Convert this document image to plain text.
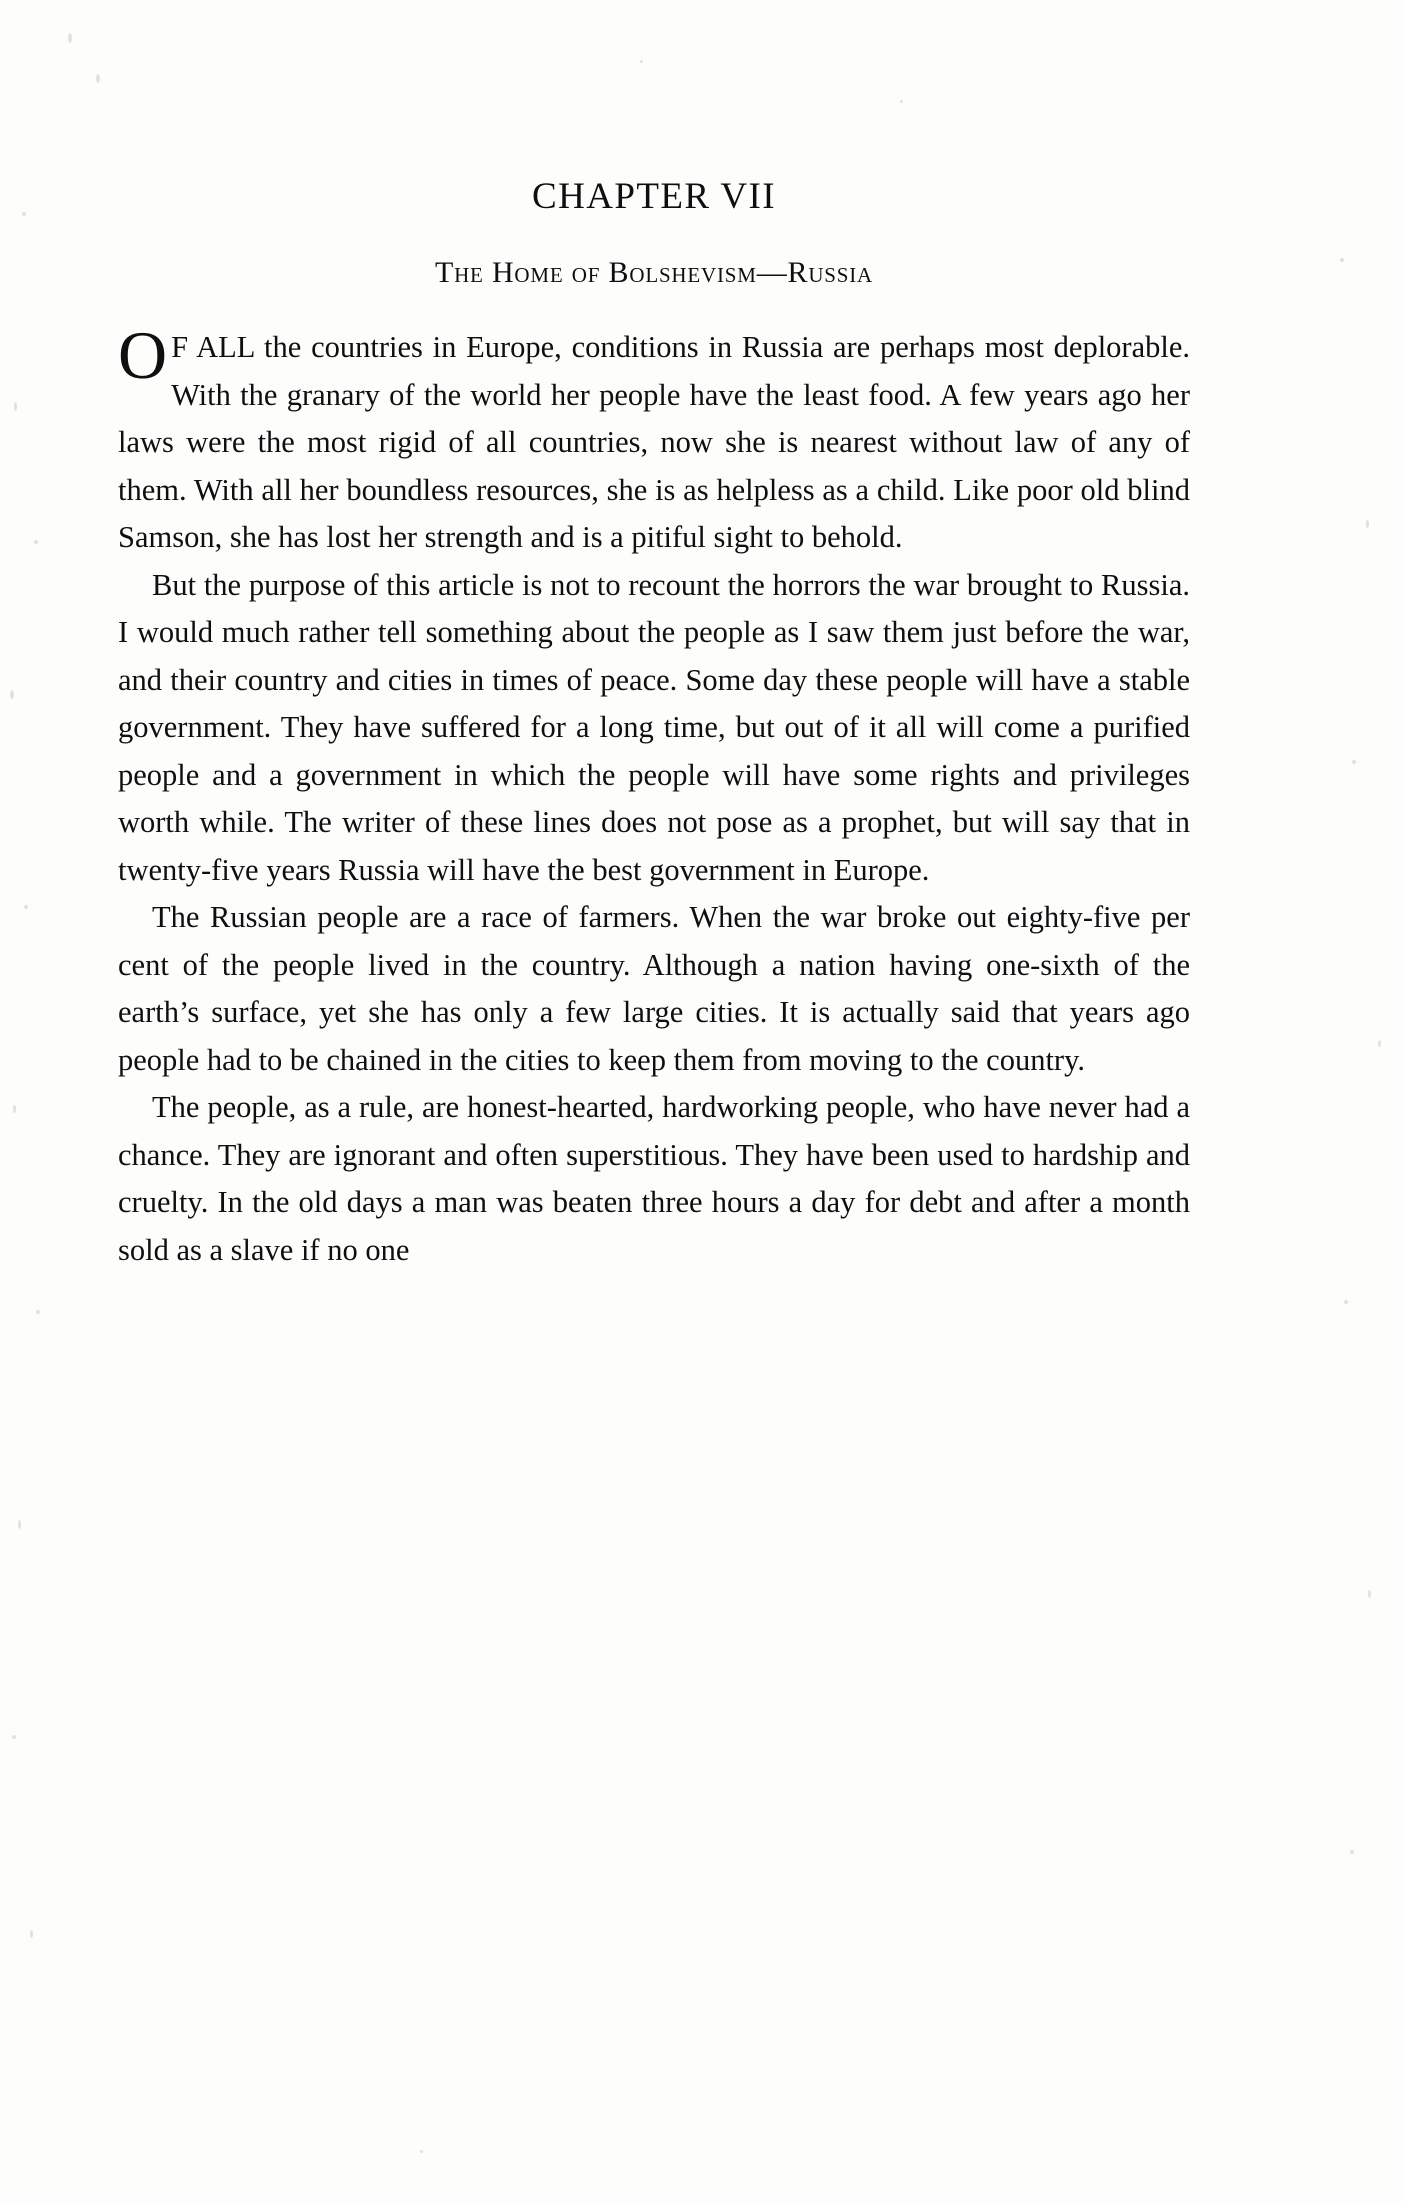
CHAPTER VII
The Home of Bolshevism—Russia

O F ALL the countries in Europe, conditions in Russia are perhaps most deplorable. With the granary of the world her people have the least food. A few years ago her laws were the most rigid of all countries, now she is nearest without law of any of them. With all her boundless resources, she is as helpless as a child. Like poor old blind Samson, she has lost her strength and is a pitiful sight to behold.

But the purpose of this article is not to recount the horrors the war brought to Russia. I would much rather tell something about the people as I saw them just before the war, and their country and cities in times of peace. Some day these people will have a stable government. They have suffered for a long time, but out of it all will come a purified people and a government in which the people will have some rights and privileges worth while. The writer of these lines does not pose as a prophet, but will say that in twenty-five years Russia will have the best government in Europe.

The Russian people are a race of farmers. When the war broke out eighty-five per cent of the people lived in the country. Although a nation having one-sixth of the earth’s surface, yet she has only a few large cities. It is actually said that years ago people had to be chained in the cities to keep them from moving to the country.

The people, as a rule, are honest-hearted, hardworking people, who have never had a chance. They are ignorant and often superstitious. They have been used to hardship and cruelty. In the old days a man was beaten three hours a day for debt and after a month sold as a slave if no one
